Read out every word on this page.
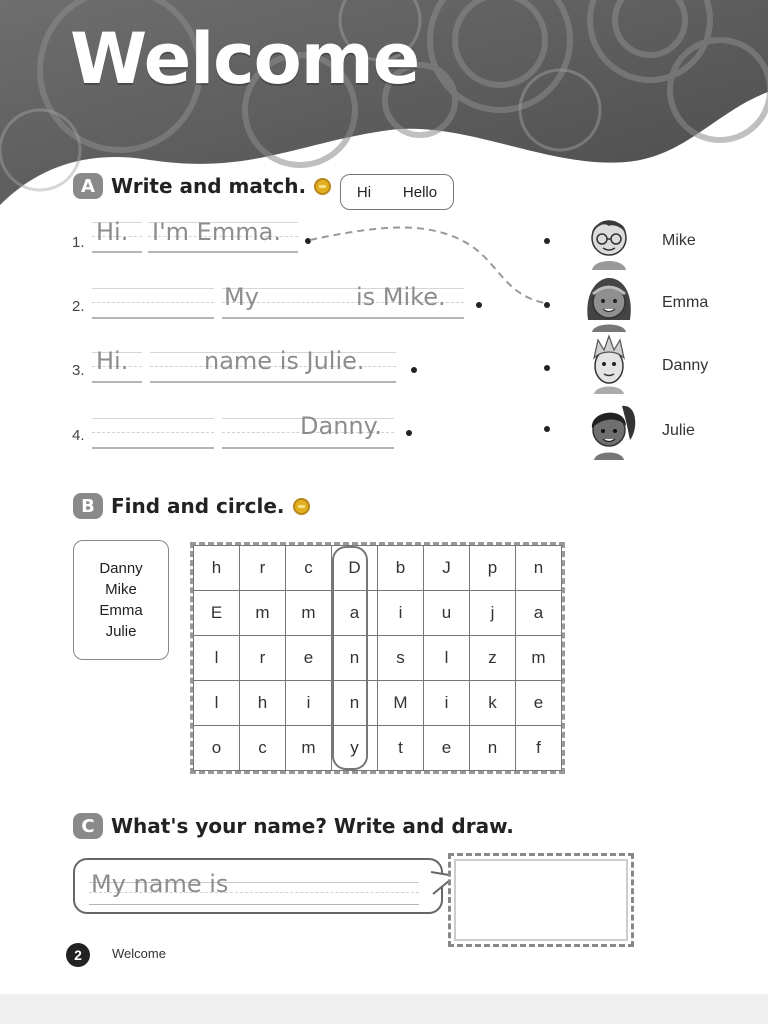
Welcome
A Write and match.	Hi Hello
1. Hi. I'm Emma.
2.	My	is Mike.
3. Hi.	name is Julie.
4.	Danny.
Mike
Emma
Danny
Julie
B Find and circle.
Danny
Mike
Emma
Julie
h	r	c	D	b	J	p	n
E	m	m	a	i	u	j	a
l	r	e	n	s	l	z	m
l	h	i	n	M	i	k	e
o	c	m	y	t	e	n	f
C What's your name? Write and draw.
My name is
2	Welcome
